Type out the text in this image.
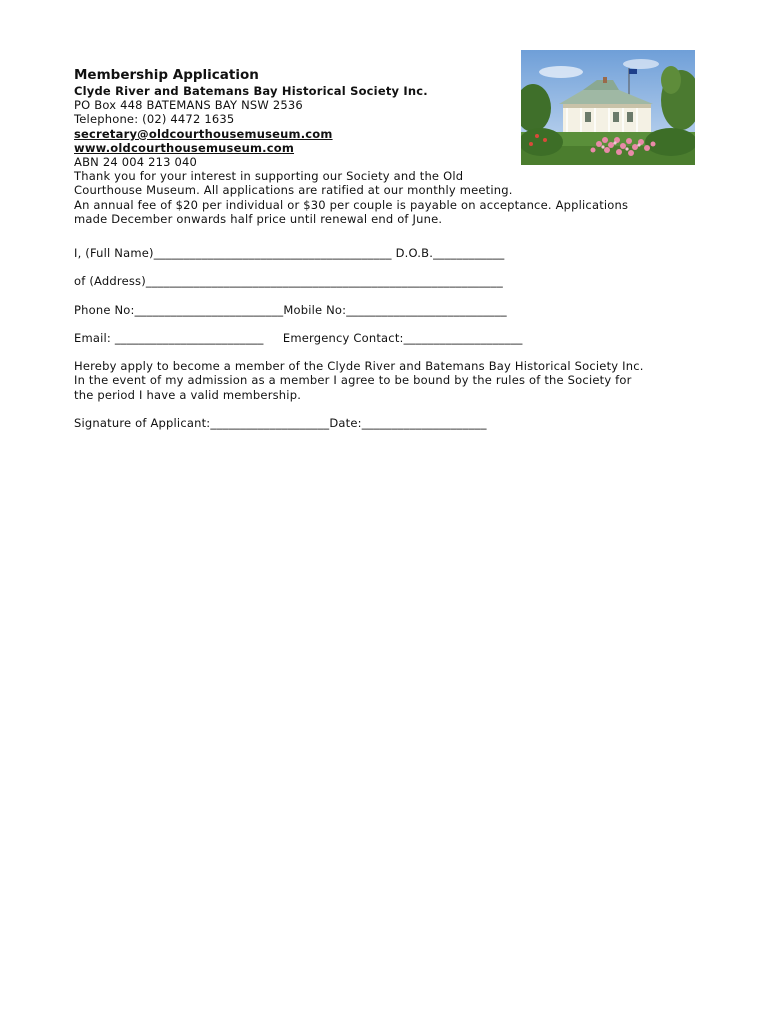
Membership Application
Clyde River and Batemans Bay Historical Society Inc.
PO Box 448 BATEMANS BAY NSW 2536
Telephone: (02) 4472 1635
secretary@oldcourthousemuseum.com
www.oldcourthousemuseum.com
ABN 24 004 213 040
Thank you for your interest in supporting our Society and the Old
Courthouse Museum. All applications are ratified at our monthly meeting.
An annual fee of $20 per individual or $30 per couple is payable on acceptance. Applications
made December onwards half price until renewal end of June.
I, (Full Name)________________________________________ D.O.B.____________
of (Address)____________________________________________________________
Phone No:_________________________Mobile No:___________________________
Email: _________________________     Emergency Contact:____________________
Hereby apply to become a member of the Clyde River and Batemans Bay Historical Society Inc.
In the event of my admission as a member I agree to be bound by the rules of the Society for
the period I have a valid membership.
Signature of Applicant:____________________Date:_____________________
